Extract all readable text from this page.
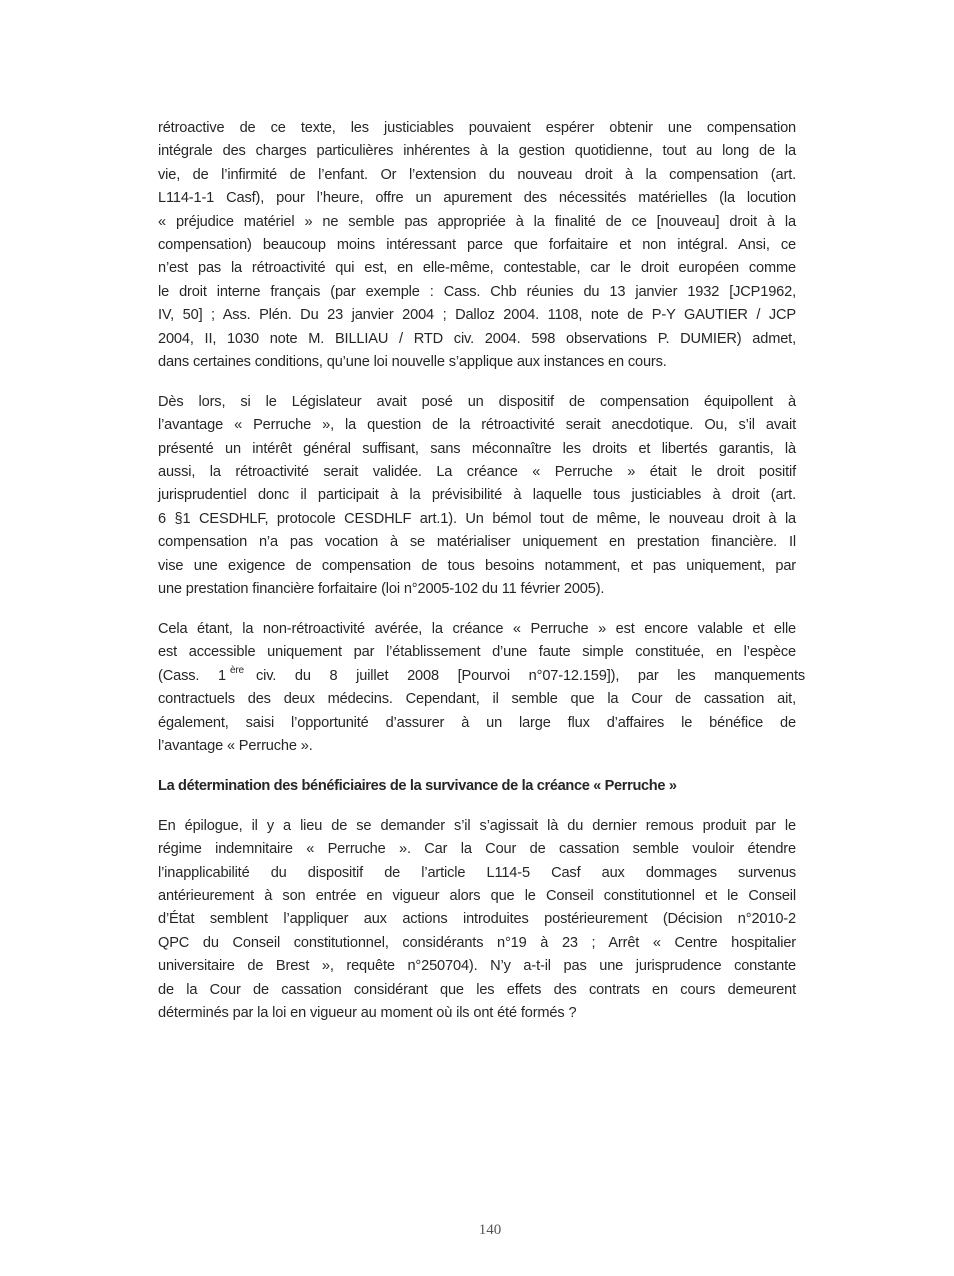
rétroactive de ce texte, les justiciables pouvaient espérer obtenir une compensation
intégrale des charges particulières inhérentes à la gestion quotidienne, tout au long de la
vie, de l’infirmité de l’enfant. Or l’extension du nouveau droit à la compensation (art.
L114-1-1 Casf), pour l’heure, offre un apurement des nécessités matérielles (la locution
« préjudice matériel » ne semble pas appropriée à la finalité de ce [nouveau] droit à la
compensation) beaucoup moins intéressant parce que forfaitaire et non intégral. Ansi, ce
n’est pas la rétroactivité qui est, en elle-même, contestable, car le droit européen comme
le droit interne français (par exemple : Cass. Chb réunies du 13 janvier 1932 [JCP1962,
IV, 50] ; Ass. Plén. Du 23 janvier 2004 ; Dalloz 2004. 1108, note de P-Y GAUTIER / JCP
2004, II, 1030 note M. BILLIAU / RTD civ. 2004. 598 observations P. DUMIER) admet,
dans certaines conditions, qu’une loi nouvelle s’applique aux instances en cours.
Dès lors, si le Législateur avait posé un dispositif de compensation équipollent à
l’avantage « Perruche », la question de la rétroactivité serait anecdotique. Ou, s’il avait
présenté un intérêt général suffisant, sans méconnaître les droits et libertés garantis, là
aussi, la rétroactivité serait validée. La créance « Perruche » était le droit positif
jurisprudentiel donc il participait à la prévisibilité à laquelle tous justiciables à droit (art.
6 §1 CESDHLF, protocole CESDHLF art.1). Un bémol tout de même, le nouveau droit à la
compensation n’a pas vocation à se matérialiser uniquement en prestation financière. Il
vise une exigence de compensation de tous besoins notamment, et pas uniquement, par
une prestation financière forfaitaire (loi n°2005-102 du 11 février 2005).
Cela étant, la non-rétroactivité avérée, la créance « Perruche » est encore valable et elle
est accessible uniquement par l’établissement d’une faute simple constituée, en l’espèce
(Cass. 1 $^{ère}$ civ. du 8 juillet 2008 [Pourvoi n°07-12.159]), par les manquements
contractuels des deux médecins. Cependant, il semble que la Cour de cassation ait,
également, saisi l’opportunité d’assurer à un large flux d’affaires le bénéfice de
l’avantage « Perruche ».
La détermination des bénéficiaires de la survivance de la créance « Perruche »
En épilogue, il y a lieu de se demander s’il s’agissait là du dernier remous produit par le
régime indemnitaire « Perruche ». Car la Cour de cassation semble vouloir étendre
l’inapplicabilité du dispositif de l’article L114-5 Casf aux dommages survenus
antérieurement à son entrée en vigueur alors que le Conseil constitutionnel et le Conseil
d’État semblent l’appliquer aux actions introduites postérieurement (Décision n°2010-2
QPC du Conseil constitutionnel, considérants n°19 à 23 ; Arrêt « Centre hospitalier
universitaire de Brest », requête n°250704). N’y a-t-il pas une jurisprudence constante
de la Cour de cassation considérant que les effets des contrats en cours demeurent
déterminés par la loi en vigueur au moment où ils ont été formés ?
140
